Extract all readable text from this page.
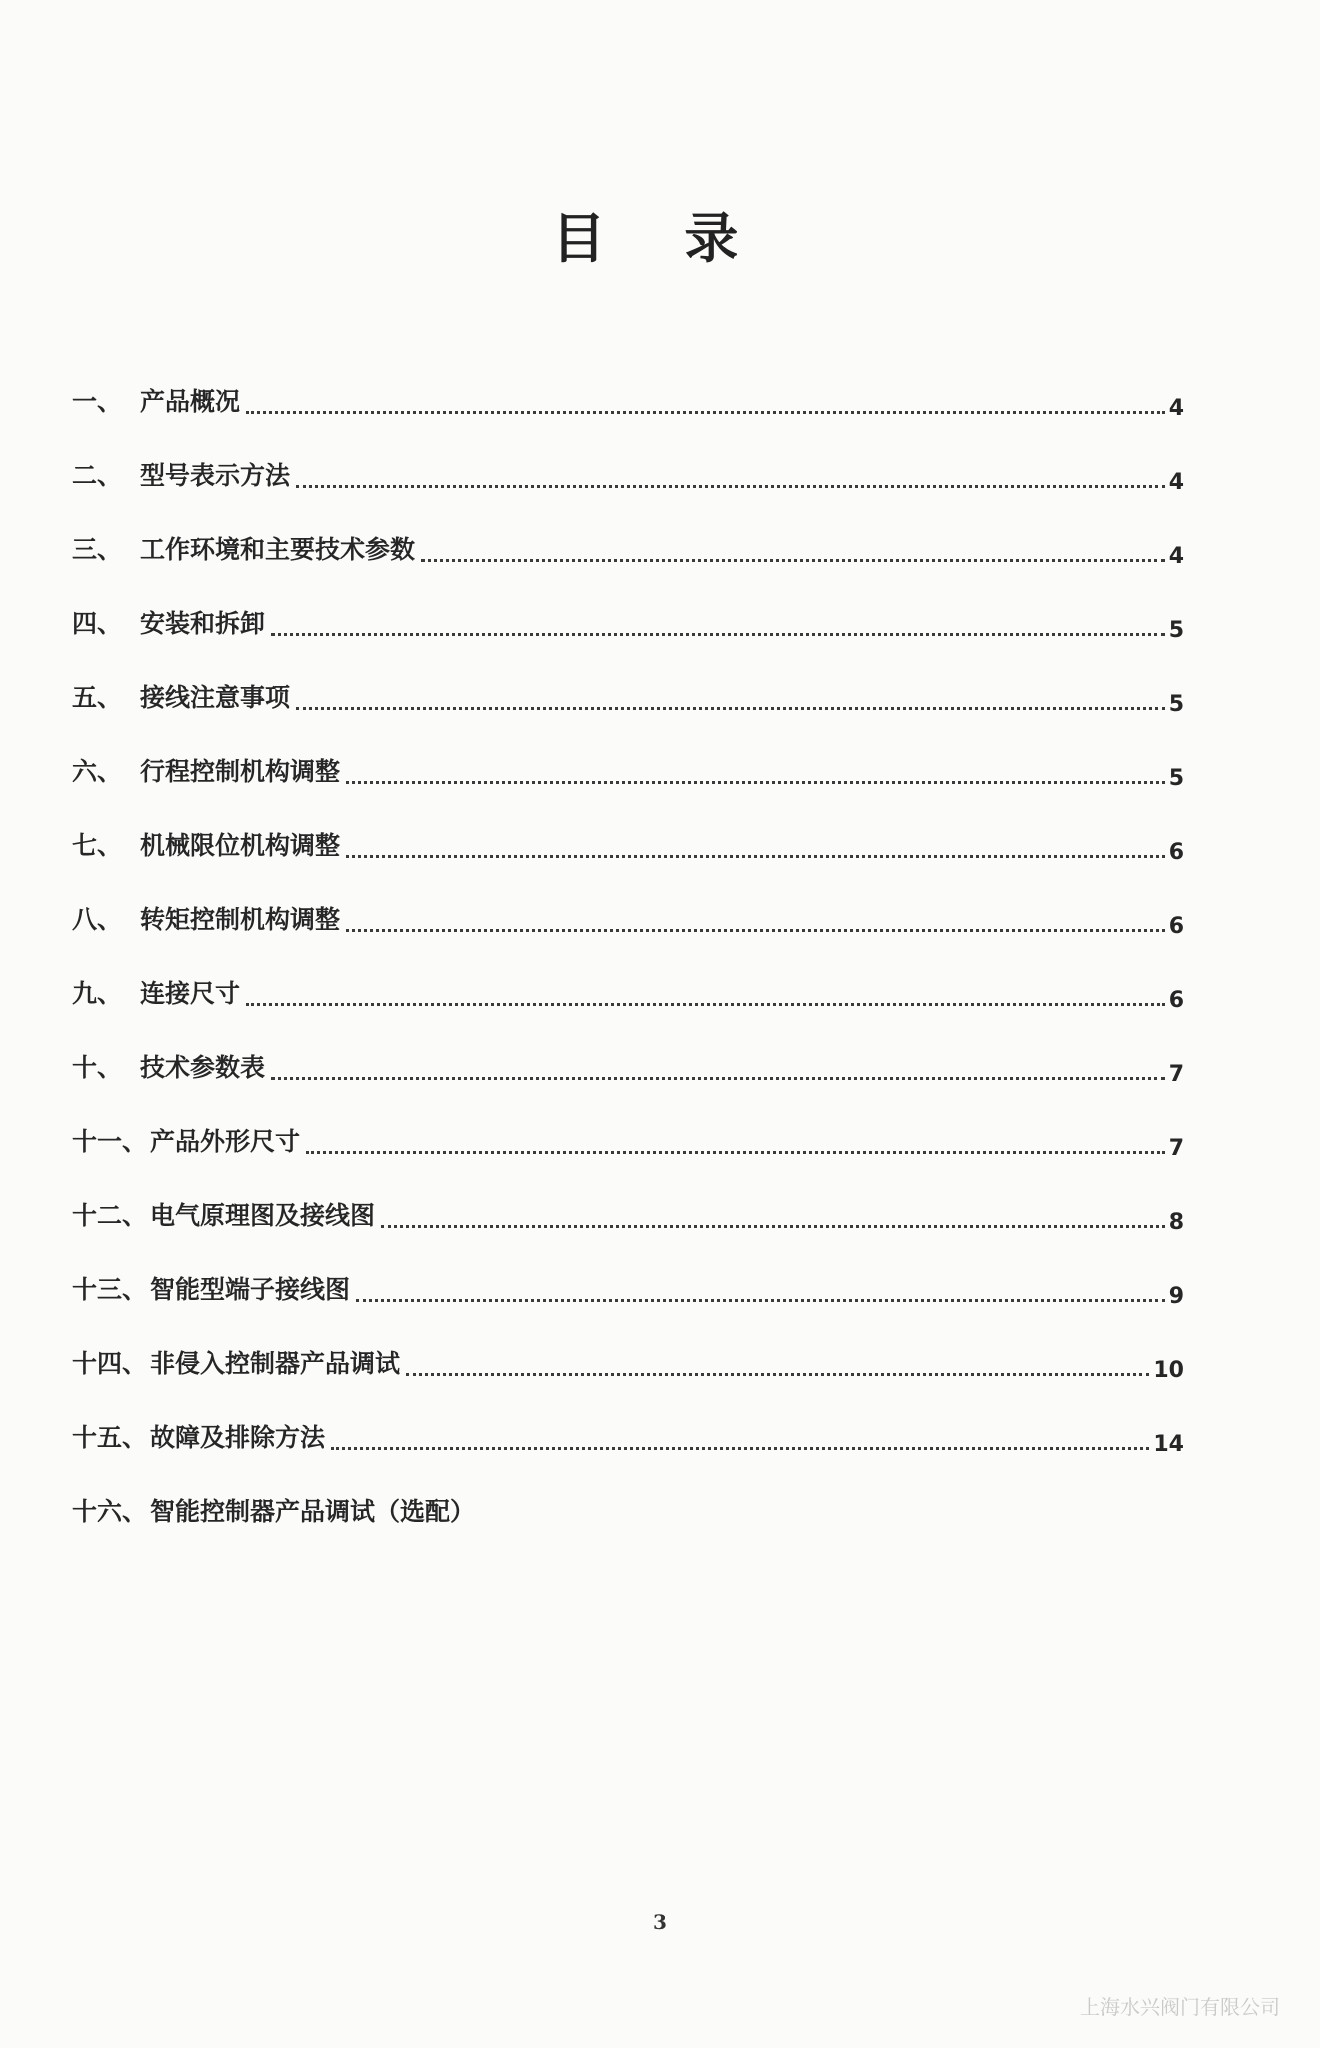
目 录
一、 产品概况	4
二、 型号表示方法	4
三、 工作环境和主要技术参数	4
四、 安装和拆卸	5
五、 接线注意事项	5
六、 行程控制机构调整	5
七、 机械限位机构调整	6
八、 转矩控制机构调整	6
九、 连接尺寸	6
十、 技术参数表	7
十一、 产品外形尺寸	7
十二、 电气原理图及接线图	8
十三、 智能型端子接线图	9
十四、 非侵入控制器产品调试	10
十五、 故障及排除方法	14
十六、 智能控制器产品调试（选配）
3
上海水兴阀门有限公司
